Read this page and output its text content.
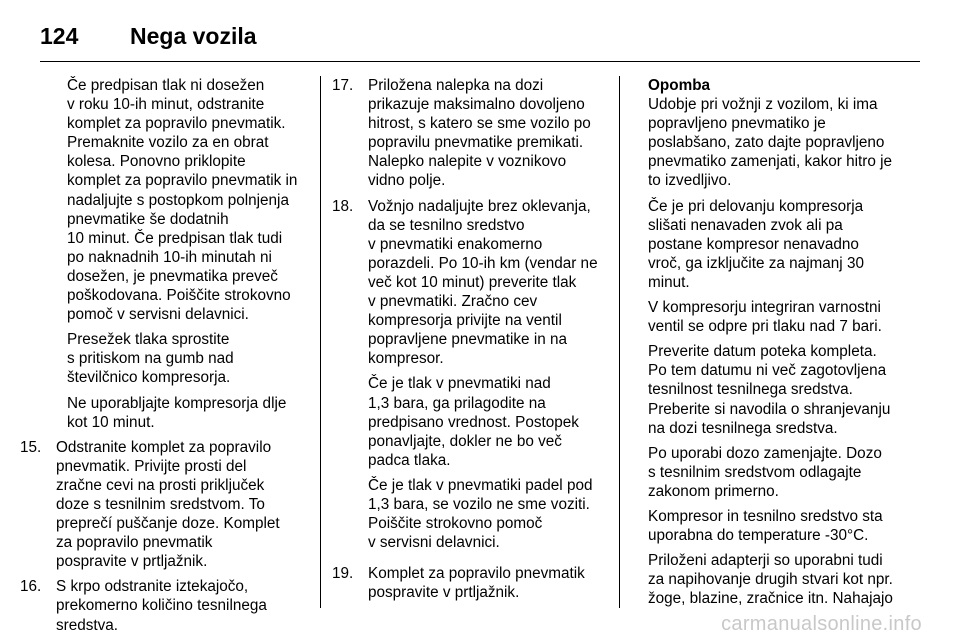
124	Nega vozila

Če predpisan tlak ni dosežen
v roku 10-ih minut, odstranite
komplet za popravilo pnevmatik.
Premaknite vozilo za en obrat
kolesa. Ponovno priklopite
komplet za popravilo pnevmatik in
nadaljujte s postopkom polnjenja
pnevmatike še dodatnih
10 minut. Če predpisan tlak tudi
po naknadnih 10-ih minutah ni
dosežen, je pnevmatika preveč
poškodovana. Poiščite strokovno
pomoč v servisni delavnici.

Presežek tlaka sprostite
s pritiskom na gumb nad
številčnico kompresorja.

Ne uporabljajte kompresorja dlje
kot 10 minut.

15. Odstranite komplet za popravilo
pnevmatik. Privijte prosti del
zračne cevi na prosti priključek
doze s tesnilnim sredstvom. To
preprečí puščanje doze. Komplet
za popravilo pnevmatik
pospravite v prtljažnik.
16. S krpo odstranite iztekajočo,
prekomerno količino tesnilnega
sredstva.
17. Priložena nalepka na dozi
prikazuje maksimalno dovoljeno
hitrost, s katero se sme vozilo po
popravilu pnevmatike premikati.
Nalepko nalepite v voznikovo
vidno polje.
18. Vožnjo nadaljujte brez oklevanja,
da se tesnilno sredstvo
v pnevmatiki enakomerno
porazdeli. Po 10-ih km (vendar ne
več kot 10 minut) preverite tlak
v pnevmatiki. Zračno cev
kompresorja privijte na ventil
popravljene pnevmatike in na
kompresor.

Če je tlak v pnevmatiki nad
1,3 bara, ga prilagodite na
predpisano vrednost. Postopek
ponavljajte, dokler ne bo več
padca tlaka.

Če je tlak v pnevmatiki padel pod
1,3 bara, se vozilo ne sme voziti.
Poiščite strokovno pomoč
v servisni delavnici.

19. Komplet za popravilo pnevmatik
pospravite v prtljažnik.
Opomba

Udobje pri vožnji z vozilom, ki ima
popravljeno pnevmatiko je
poslabšano, zato dajte popravljeno
pnevmatiko zamenjati, kakor hitro je
to izvedljivo.

Če je pri delovanju kompresorja
slišati nenavaden zvok ali pa
postane kompresor nenavadno
vroč, ga izključite za najmanj 30
minut.

V kompresorju integriran varnostni
ventil se odpre pri tlaku nad 7 bari.

Preverite datum poteka kompleta.
Po tem datumu ni več zagotovljena
tesnilnost tesnilnega sredstva.
Preberite si navodila o shranjevanju
na dozi tesnilnega sredstva.

Po uporabi dozo zamenjajte. Dozo
s tesnilnim sredstvom odlagajte
zakonom primerno.

Kompresor in tesnilno sredstvo sta
uporabna do temperature -30°C.

Priloženi adapterji so uporabni tudi
za napihovanje drugih stvari kot npr.
žoge, blazine, zračnice itn. Nahajajo

carmanualsonline.info
